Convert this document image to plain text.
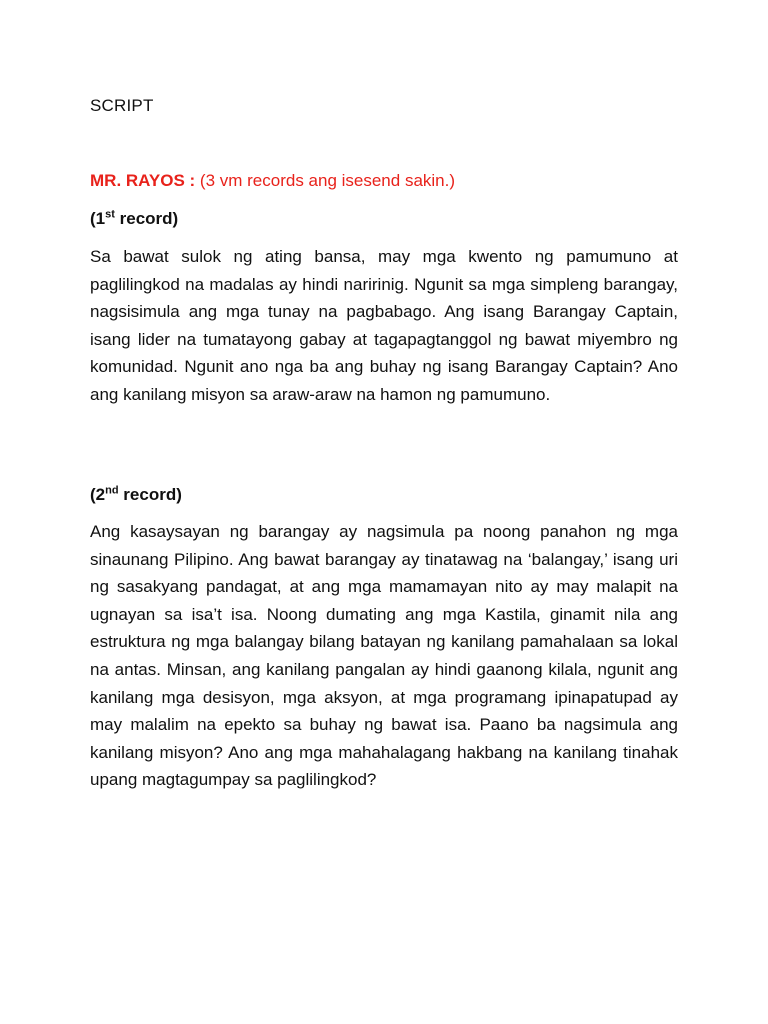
SCRIPT

MR. RAYOS : (3 vm records ang isesend sakin.)

(1st record)

Sa bawat sulok ng ating bansa, may mga kwento ng pamumuno at paglilingkod na madalas ay hindi naririnig. Ngunit sa mga simpleng barangay, nagsisimula ang mga tunay na pagbabago. Ang isang Barangay Captain, isang lider na tumatayong gabay at tagapagtanggol ng bawat miyembro ng komunidad. Ngunit ano nga ba ang buhay ng isang Barangay Captain? Ano ang kanilang misyon sa araw-araw na hamon ng pamumuno.

(2nd record)

Ang kasaysayan ng barangay ay nagsimula pa noong panahon ng mga sinaunang Pilipino. Ang bawat barangay ay tinatawag na ‘balangay,’ isang uri ng sasakyang pandagat, at ang mga mamamayan nito ay may malapit na ugnayan sa isa’t isa. Noong dumating ang mga Kastila, ginamit nila ang estruktura ng mga balangay bilang batayan ng kanilang pamahalaan sa lokal na antas. Minsan, ang kanilang pangalan ay hindi gaanong kilala, ngunit ang kanilang mga desisyon, mga aksyon, at mga programang ipinapatupad ay may malalim na epekto sa buhay ng bawat isa. Paano ba nagsimula ang kanilang misyon? Ano ang mga mahahalagang hakbang na kanilang tinahak upang magtagumpay sa paglilingkod?
